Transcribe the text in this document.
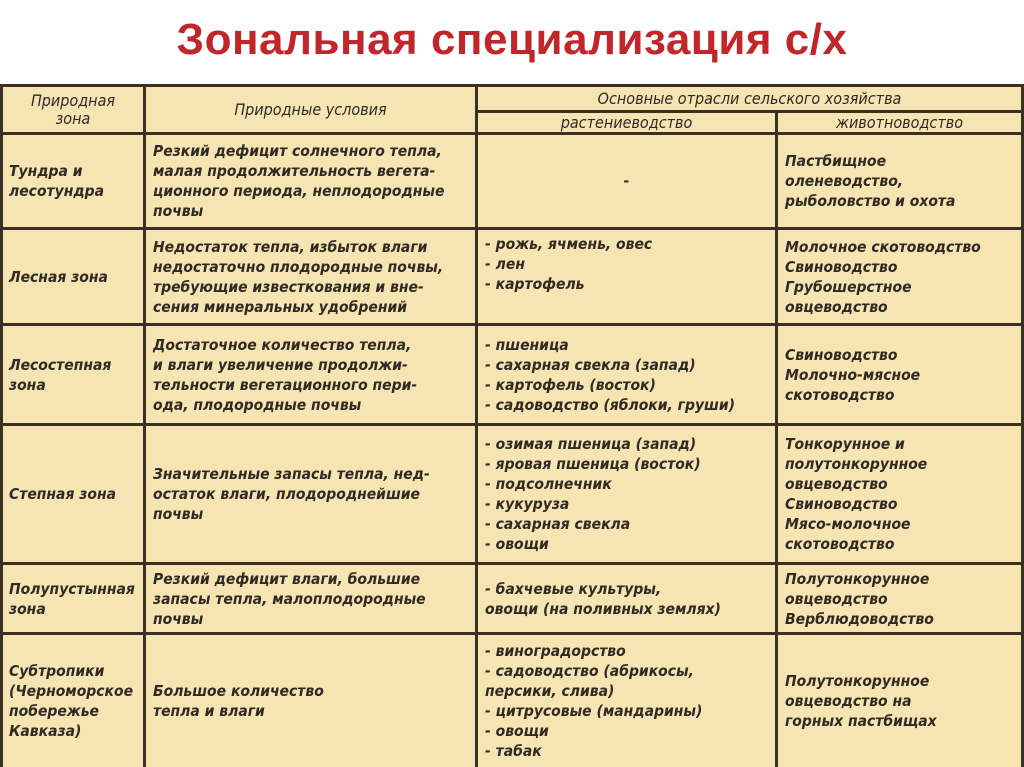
Зональная специализация с/х
Природная
зона	Природные условия
Основные отрасли сельского хозяйства
растениеводство	животноводство
Тундра и
лесотундра
Резкий дефицит солнечного тепла,
малая продолжительность вегета-
ционного периода, неплодородные
почвы
-
Пастбищное
оленеводство,
рыболовство и охота
Лесная зона
Недостаток тепла, избыток влаги
недостаточно плодородные почвы,
требующие известкования и вне-
сения минеральных удобрений
- рожь, ячмень, овес
- лен
- картофель
Молочное скотоводство
Свиноводство
Грубошерстное
овцеводство
Лесостепная
зона
Достаточное количество тепла,
и влаги увеличение продолжи-
тельности вегетационного пери-
ода, плодородные почвы
- пшеница
- сахарная свекла (запад)
- картофель (восток)
- садоводство (яблоки, груши)
Свиноводство
Молочно-мясное
скотоводство
Степная зона
Значительные запасы тепла, нед-
остаток влаги, плодороднейшие
почвы
- озимая пшеница (запад)
- яровая пшеница (восток)
- подсолнечник
- кукуруза
- сахарная свекла
- овощи
Тонкорунное и
полутонкорунное
овцеводство
Свиноводство
Мясо-молочное
скотоводство
Полупустынная
зона
Резкий дефицит влаги, большие
запасы тепла, малоплодородные
почвы
- бахчевые культуры,
овощи (на поливных землях)
Полутонкорунное
овцеводство
Верблюдоводство
Субтропики
(Черноморское
побережье
Кавказа)
Большое количество
тепла и влаги
- виноградорство
- садоводство (абрикосы,
персики, слива)
- цитрусовые (мандарины)
- овощи
- табак
Полутонкорунное
овцеводство на
горных пастбищах
